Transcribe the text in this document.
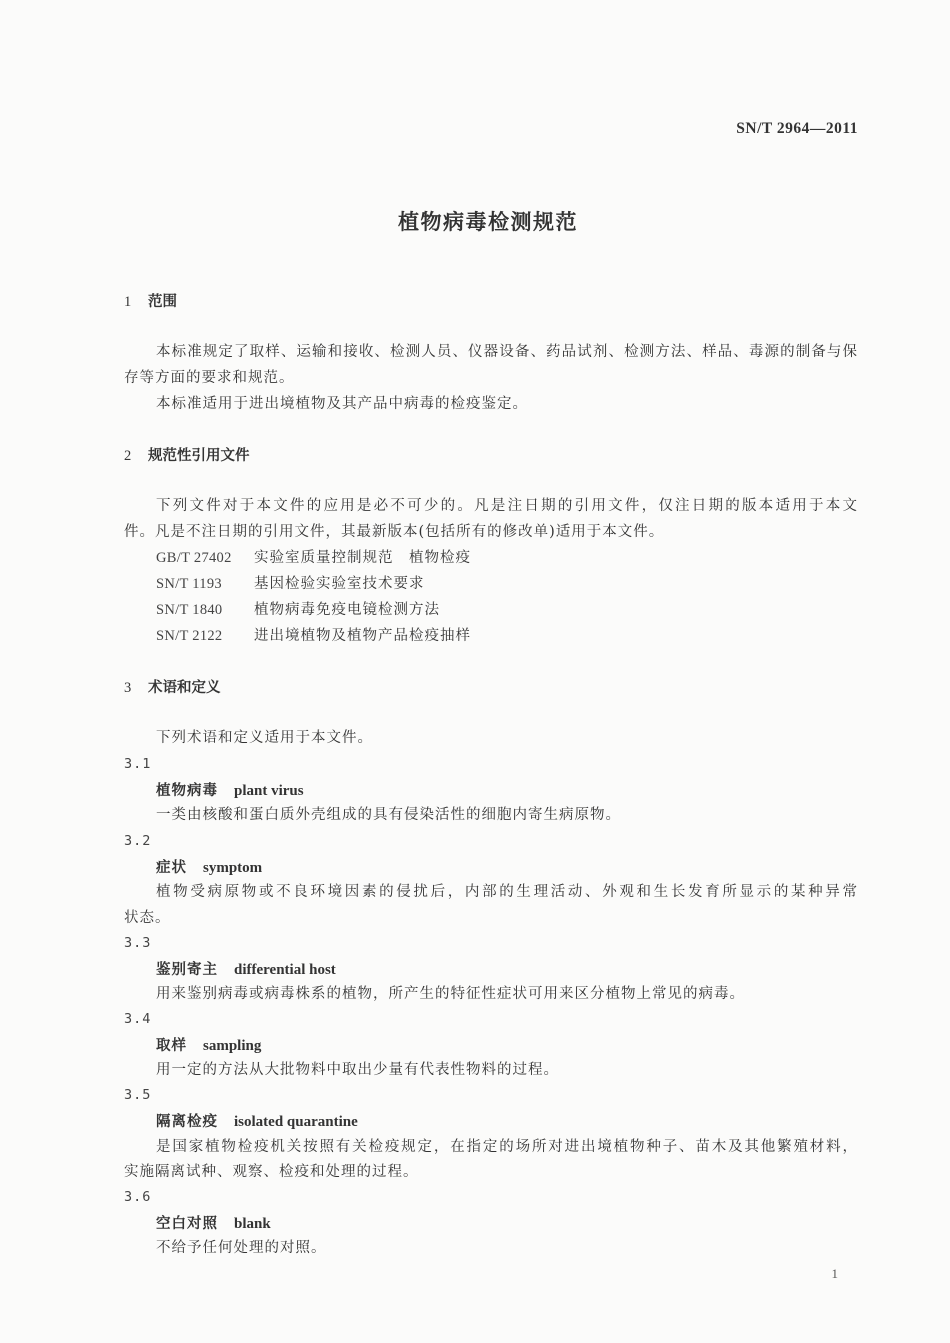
SN/T 2964—2011
植物病毒检测规范
1 范围
本标准规定了取样、运输和接收、检测人员、仪器设备、药品试剂、检测方法、样品、毒源的制备与保
存等方面的要求和规范。
本标准适用于进出境植物及其产品中病毒的检疫鉴定。
2 规范性引用文件
下列文件对于本文件的应用是必不可少的。凡是注日期的引用文件，仅注日期的版本适用于本文
件。凡是不注日期的引用文件，其最新版本(包括所有的修改单)适用于本文件。
GB/T 27402 实验室质量控制规范　植物检疫
SN/T 1193 基因检验实验室技术要求
SN/T 1840 植物病毒免疫电镜检测方法
SN/T 2122 进出境植物及植物产品检疫抽样
3 术语和定义
下列术语和定义适用于本文件。
3.1
植物病毒 plant virus
一类由核酸和蛋白质外壳组成的具有侵染活性的细胞内寄生病原物。
3.2
症状 symptom
植物受病原物或不良环境因素的侵扰后，内部的生理活动、外观和生长发育所显示的某种异常
状态。
3.3
鉴别寄主 differential host
用来鉴别病毒或病毒株系的植物，所产生的特征性症状可用来区分植物上常见的病毒。
3.4
取样 sampling
用一定的方法从大批物料中取出少量有代表性物料的过程。
3.5
隔离检疫 isolated quarantine
是国家植物检疫机关按照有关检疫规定，在指定的场所对进出境植物种子、苗木及其他繁殖材料，
实施隔离试种、观察、检疫和处理的过程。
3.6
空白对照 blank
不给予任何处理的对照。
1
